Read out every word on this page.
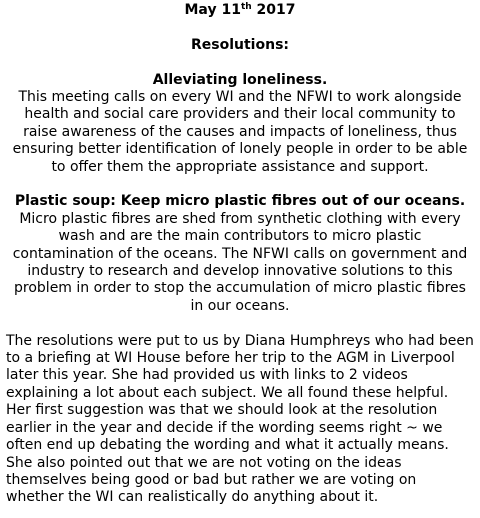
May 11th 2017
Resolutions:
Alleviating loneliness.

This meeting calls on every WI and the NFWI to work alongside health and social care providers and their local community to raise awareness of the causes and impacts of loneliness, thus ensuring better identification of lonely people in order to be able to offer them the appropriate assistance and support.

Plastic soup: Keep micro plastic fibres out of our oceans.

Micro plastic fibres are shed from synthetic clothing with every wash and are the main contributors to micro plastic contamination of the oceans. The NFWI calls on government and industry to research and develop innovative solutions to this problem in order to stop the accumulation of micro plastic fibres in our oceans.

The resolutions were put to us by Diana Humphreys who had been to a briefing at WI House before her trip to the AGM in Liverpool later this year. She had provided us with links to 2 videos explaining a lot about each subject. We all found these helpful. Her first suggestion was that we should look at the resolution earlier in the year and decide if the wording seems right ~ we often end up debating the wording and what it actually means. She also pointed out that we are not voting on the ideas themselves being good or bad but rather we are voting on whether the WI can realistically do anything about it.
